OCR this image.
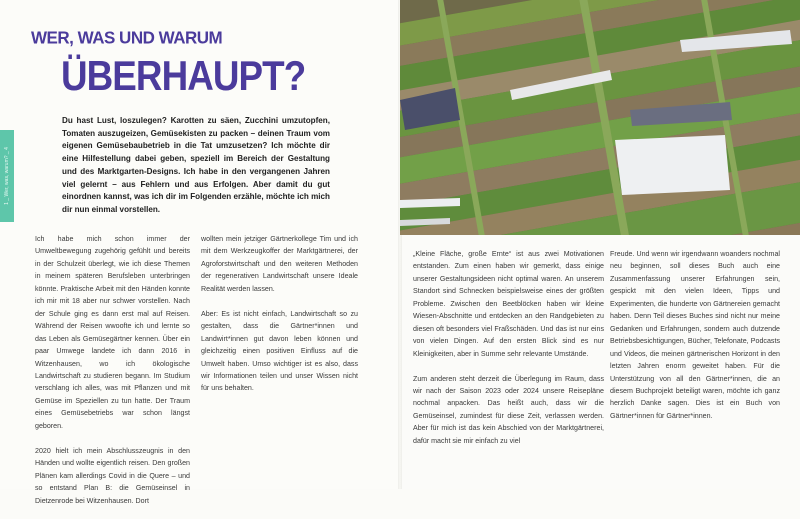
1 _ Wer, was, warum? _ 4
WER, WAS UND WARUM
ÜBERHAUPT?

Du hast Lust, loszulegen? Karotten zu säen, Zucchini umzutopfen, Tomaten auszugeizen, Gemüsekisten zu packen – deinen Traum vom eigenen Gemüsebaubetrieb in die Tat umzusetzen? Ich möchte dir eine Hilfestellung dabei geben, speziell im Bereich der Gestaltung und des Marktgarten-Designs. Ich habe in den vergangenen Jahren viel gelernt – aus Fehlern und aus Erfolgen. Aber damit du gut einordnen kannst, was ich dir im Folgenden erzähle, möchte ich mich dir nun einmal vorstellen.

Ich habe mich schon immer der Umweltbewegung zugehörig gefühlt und bereits in der Schulzeit überlegt, wie ich diese Themen in meinem späteren Berufsleben unterbringen könnte. Praktische Arbeit mit den Händen konnte ich mir mit 18 aber nur schwer vorstellen. Nach der Schule ging es dann erst mal auf Reisen. Während der Reisen wwoofte ich und lernte so das Leben als Gemüsegärtner kennen. Über ein paar Umwege landete ich dann 2016 in Witzenhausen, wo ich ökologische Landwirtschaft zu studieren begann. Im Studium verschlang ich alles, was mit Pflanzen und mit Gemüse im Speziellen zu tun hatte. Der Traum eines Gemüsebetriebs war schon längst geboren.

2020 hielt ich mein Abschlusszeugnis in den Händen und wollte eigentlich reisen. Den großen Plänen kam allerdings Covid in die Quere – und so entstand Plan B: die Gemüseinsel in Dietzenrode bei Witzenhausen. Dort

wollten mein jetziger Gärtnerkollege Tim und ich mit dem Werkzeugkoffer der Marktgärtnerei, der Agroforstwirtschaft und den weiteren Methoden der regenerativen Landwirtschaft unsere Ideale Realität werden lassen.

Aber: Es ist nicht einfach, Landwirtschaft so zu gestalten, dass die Gärtner*innen und Landwirt*innen gut davon leben können und gleichzeitig einen positiven Einfluss auf die Umwelt haben. Umso wichtiger ist es also, dass wir Informationen teilen und unser Wissen nicht für uns behalten.

„Kleine Fläche, große Ernte“ ist aus zwei Motivationen entstanden. Zum einen haben wir gemerkt, dass einige unserer Gestaltungsideen nicht optimal waren. An unserem Standort sind Schnecken beispielsweise eines der größten Probleme. Zwischen den Beetblöcken haben wir kleine Wiesen-Abschnitte und entdecken an den Randgebieten zu diesen oft besonders viel Fraßschäden. Und das ist nur eins von vielen Dingen. Auf den ersten Blick sind es nur Kleinigkeiten, aber in Summe sehr relevante Umstände.

Zum anderen steht derzeit die Überlegung im Raum, dass wir nach der Saison 2023 oder 2024 unsere Reisepläne nochmal anpacken. Das heißt auch, dass wir die Gemüseinsel, zumindest für diese Zeit, verlassen werden. Aber für mich ist das kein Abschied von der Marktgärtnerei, dafür macht sie mir einfach zu viel

Freude. Und wenn wir irgendwann woanders nochmal neu beginnen, soll dieses Buch auch eine Zusammenfassung unserer Erfahrungen sein, gespickt mit den vielen Ideen, Tipps und Experimenten, die hunderte von Gärtnereien gemacht haben. Denn Teil dieses Buches sind nicht nur meine Gedanken und Erfahrungen, sondern auch dutzende Betriebsbesichtigungen, Bücher, Telefonate, Podcasts und Videos, die meinen gärtnerischen Horizont in den letzten Jahren enorm geweitet haben. Für die Unterstützung von all den Gärtner*innen, die an diesem Buchprojekt beteiligt waren, möchte ich ganz herzlich Danke sagen. Dies ist ein Buch von Gärtner*innen für Gärtner*innen.
